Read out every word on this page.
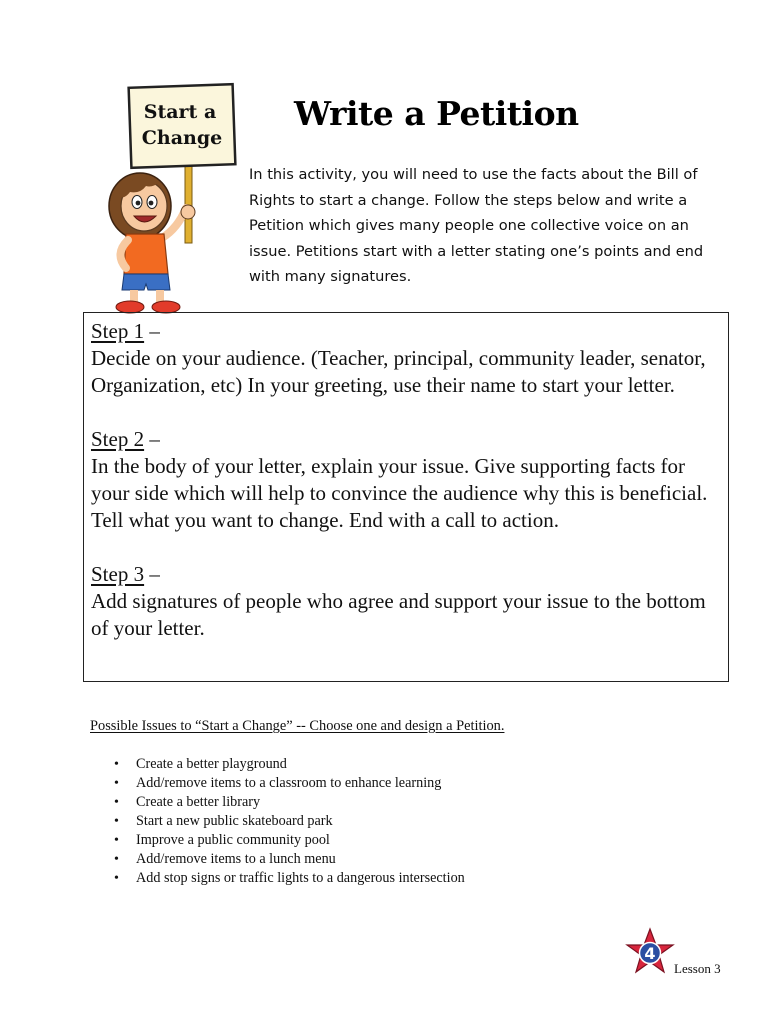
Start a
Change
Write a Petition

In this activity, you will need to use the facts about the Bill of Rights to start a change. Follow the steps below and write a Petition which gives many people one collective voice on an issue. Petitions start with a letter stating one’s points and end with many signatures.

Step 1 –
Decide on your audience. (Teacher, principal, community leader, senator, Organization, etc) In your greeting, use their name to start your letter.
Step 2 –
In the body of your letter, explain your issue. Give supporting facts for your side which will help to convince the audience why this is beneficial. Tell what you want to change. End with a call to action.
Step 3 –
Add signatures of people who agree and support your issue to the bottom of your letter.

Possible Issues to “Start a Change” -- Choose one and design a Petition.

• Create a better playground
• Add/remove items to a classroom to enhance learning
• Create a better library
• Start a new public skateboard park
• Improve a public community pool
• Add/remove items to a lunch menu
• Add stop signs or traffic lights to a dangerous intersection
4

Lesson 3
